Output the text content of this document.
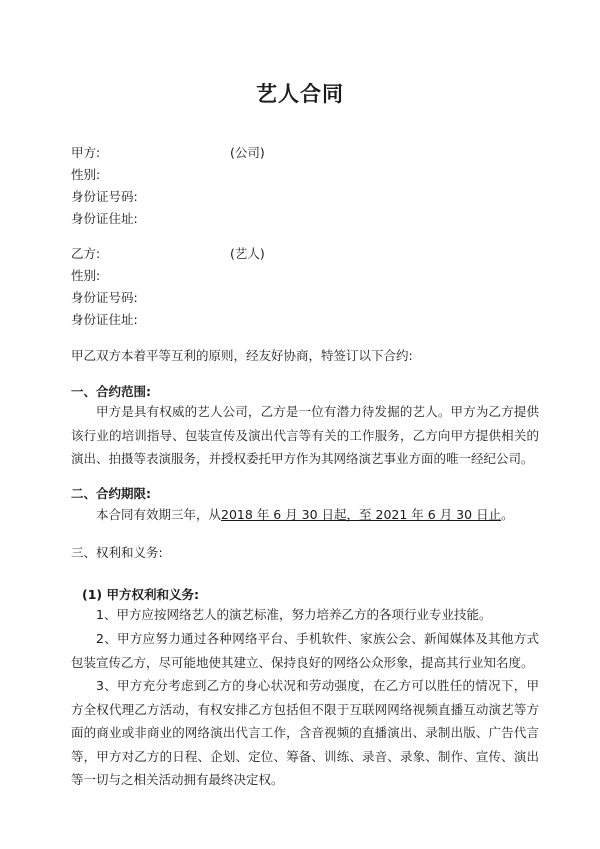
艺人合同
甲方:	(公司)
性别:
身份证号码:
身份证住址:
乙方:	(艺人)
性别:
身份证号码:
身份证住址:
甲乙双方本着平等互利的原则，经友好协商，特签订以下合约:
一、合约范围:
甲方是具有权威的艺人公司，乙方是一位有潜力待发掘的艺人。甲方为乙方提供该行业的培训指导、包装宣传及演出代言等有关的工作服务，乙方向甲方提供相关的演出、拍摄等表演服务，并授权委托甲方作为其网络演艺事业方面的唯一经纪公司。
二、合约期限:
本合同有效期三年，从2018 年 6 月 30 日起，至 2021 年 6 月 30 日止。
三、权利和义务:
(1) 甲方权利和义务:
1、甲方应按网络艺人的演艺标准，努力培养乙方的各项行业专业技能。
2、甲方应努力通过各种网络平台、手机软件、家族公会、新闻媒体及其他方式包装宣传乙方，尽可能地使其建立、保持良好的网络公众形象，提高其行业知名度。
3、甲方充分考虑到乙方的身心状况和劳动强度，在乙方可以胜任的情况下，甲方全权代理乙方活动，有权安排乙方包括但不限于互联网网络视频直播互动演艺等方面的商业或非商业的网络演出代言工作，含音视频的直播演出、录制出版、广告代言等，甲方对乙方的日程、企划、定位、筹备、训练、录音、录象、制作、宣传、演出等一切与之相关活动拥有最终决定权。
